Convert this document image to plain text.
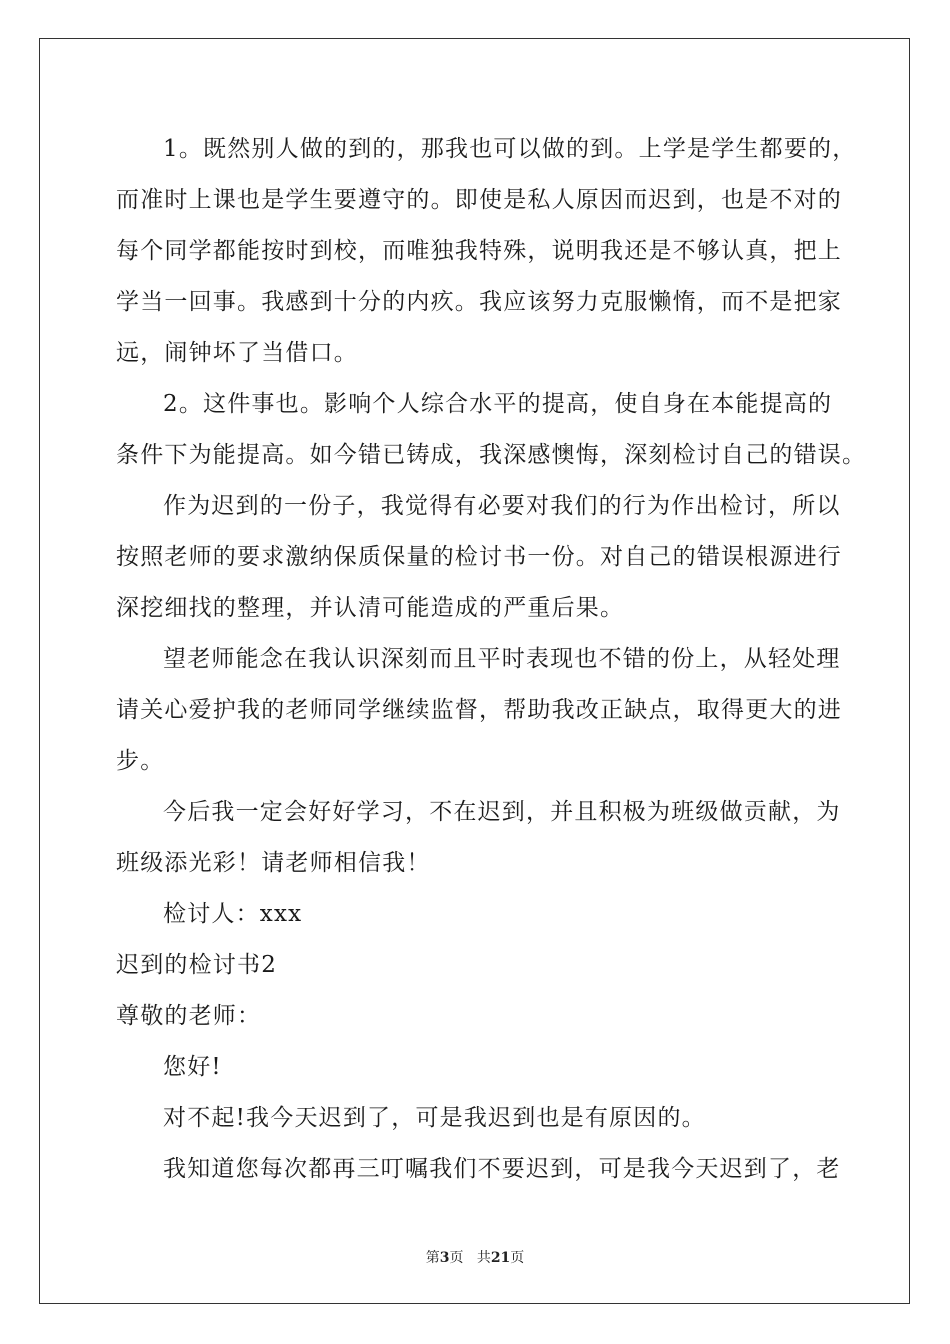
1。既然别人做的到的，那我也可以做的到。上学是学生都要的，
而准时上课也是学生要遵守的。即使是私人原因而迟到，也是不对的
每个同学都能按时到校，而唯独我特殊，说明我还是不够认真，把上
学当一回事。我感到十分的内疚。我应该努力克服懒惰，而不是把家
远，闹钟坏了当借口。
2。这件事也。影响个人综合水平的提高，使自身在本能提高的
条件下为能提高。如今错已铸成，我深感懊悔，深刻检讨自己的错误。
作为迟到的一份子，我觉得有必要对我们的行为作出检讨，所以
按照老师的要求激纳保质保量的检讨书一份。对自己的错误根源进行
深挖细找的整理，并认清可能造成的严重后果。
望老师能念在我认识深刻而且平时表现也不错的份上，从轻处理
请关心爱护我的老师同学继续监督，帮助我改正缺点，取得更大的进
步。
今后我一定会好好学习，不在迟到，并且积极为班级做贡献，为
班级添光彩！请老师相信我！
检讨人：xxx
迟到的检讨书2
尊敬的老师：
您好!
对不起!我今天迟到了，可是我迟到也是有原因的。
我知道您每次都再三叮嘱我们不要迟到，可是我今天迟到了，老
第3页 共21页
